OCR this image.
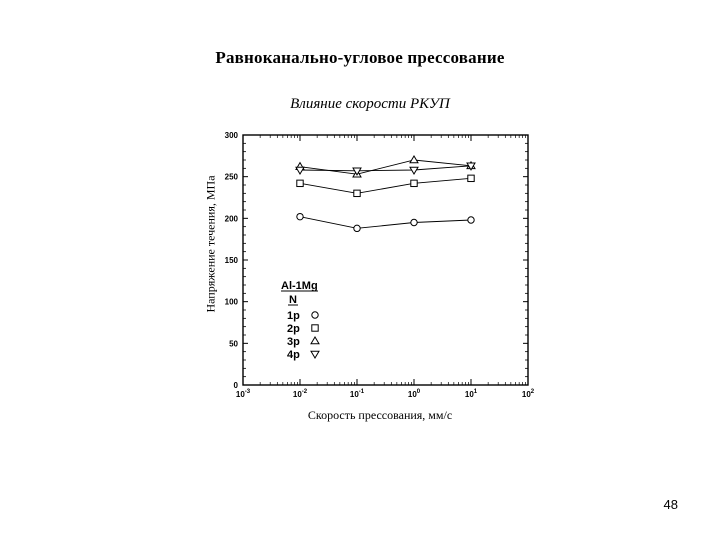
Равноканально-угловое прессование
Влияние скорости РКУП
Напряжение течения, МПа
Скорость прессования, мм/с
48
0
50
100
150
200
250
300
$10^{-3}$	$10^{-2}$	$10^{-1}$	$10^0$	$10^1$	$10^2$
Al-1Mg
N
1p
2p
3p
4p
